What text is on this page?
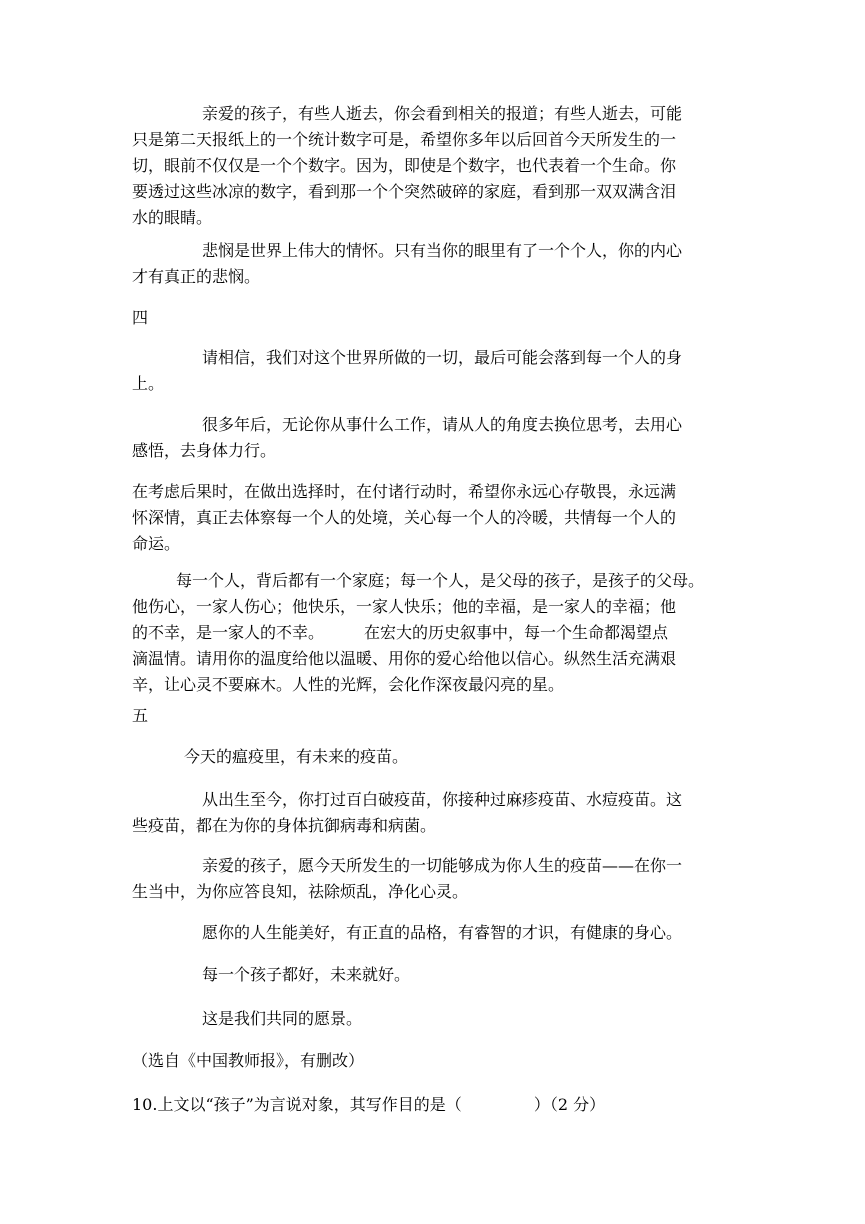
亲爱的孩子，有些人逝去，你会看到相关的报道；有些人逝去，可能
只是第二天报纸上的一个统计数字可是，希望你多年以后回首今天所发生的一
切，眼前不仅仅是一个个数字。因为，即使是个数字，也代表着一个生命。你
要透过这些冰凉的数字，看到那一个个突然破碎的家庭，看到那一双双满含泪
水的眼睛。
悲悯是世界上伟大的情怀。只有当你的眼里有了一个个人，你的内心
才有真正的悲悯。
四
请相信，我们对这个世界所做的一切，最后可能会落到每一个人的身
上。
很多年后，无论你从事什么工作，请从人的角度去换位思考，去用心
感悟，去身体力行。
在考虑后果时，在做出选择时，在付诸行动时，希望你永远心存敬畏，永远满
怀深情，真正去体察每一个人的处境，关心每一个人的冷暖，共情每一个人的
命运。
每一个人，背后都有一个家庭；每一个人，是父母的孩子，是孩子的父母。
他伤心，一家人伤心；他快乐，一家人快乐；他的幸福，是一家人的幸福；他
的不幸，是一家人的不幸。	在宏大的历史叙事中，每一个生命都渴望点
滴温情。请用你的温度给他以温暖、用你的爱心给他以信心。纵然生活充满艰
辛，让心灵不要麻木。人性的光辉，会化作深夜最闪亮的星。
五
今天的瘟疫里，有未来的疫苗。
从出生至今，你打过百白破疫苗，你接种过麻疹疫苗、水痘疫苗。这
些疫苗，都在为你的身体抗御病毒和病菌。
亲爱的孩子，愿今天所发生的一切能够成为你人生的疫苗——在你一
生当中，为你应答良知，祛除烦乱，净化心灵。
愿你的人生能美好，有正直的品格，有睿智的才识，有健康的身心。
每一个孩子都好，未来就好。
这是我们共同的愿景。
（选自《中国教师报》，有删改）
10.上文以“孩子”为言说对象，其写作目的是（	）（2 分）
